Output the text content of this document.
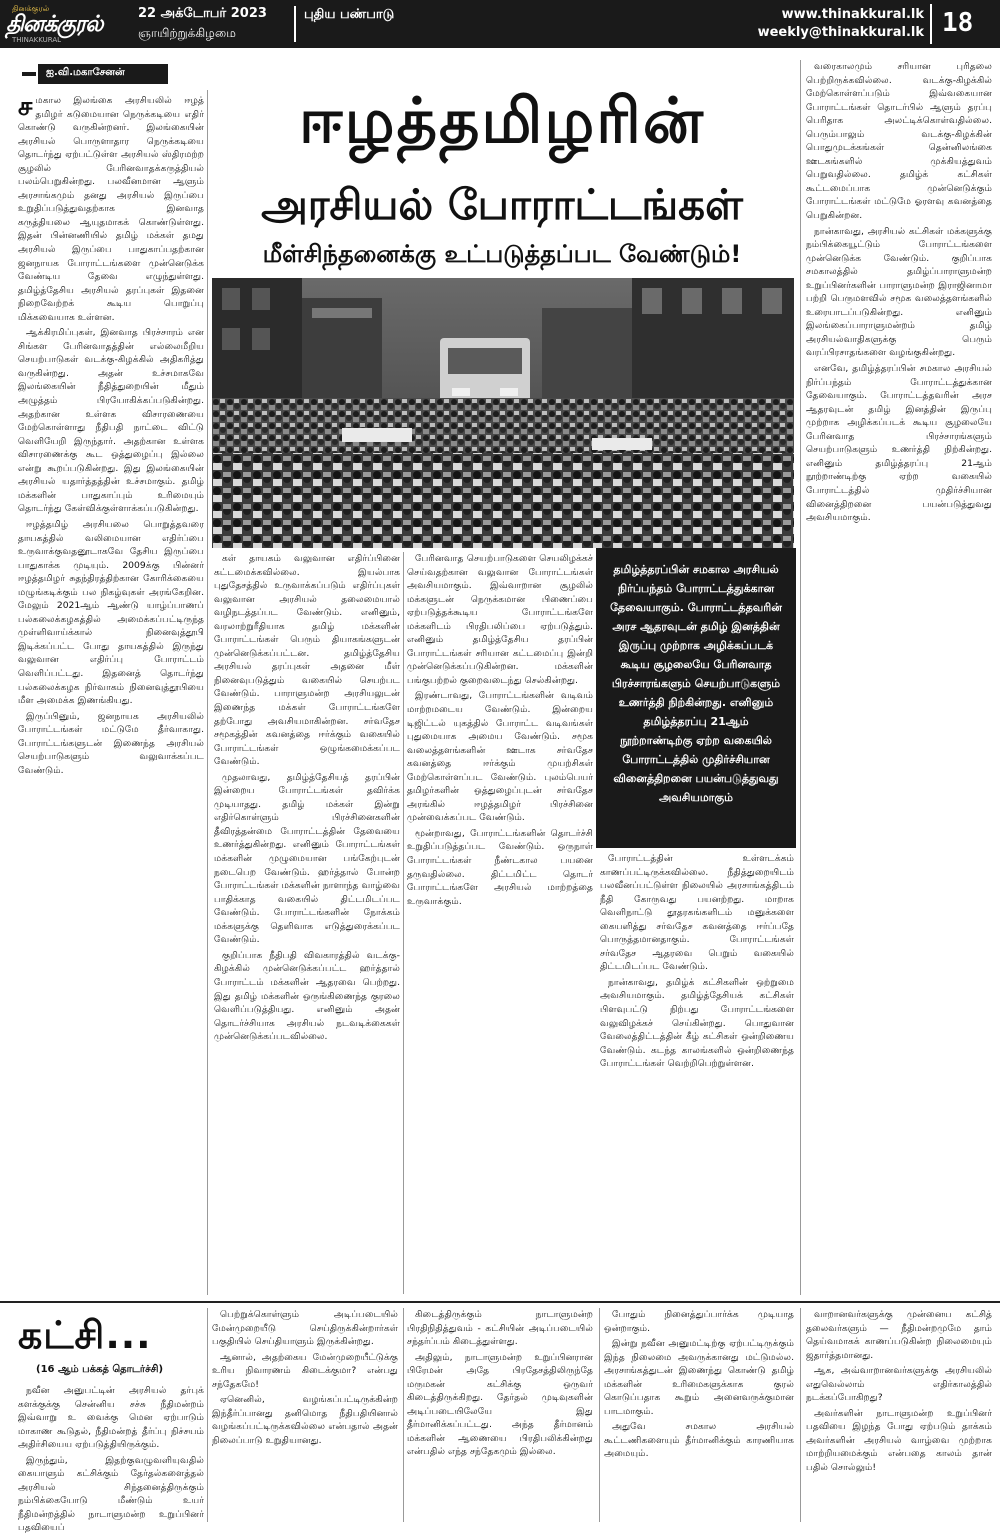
தினக்குரல்
தினக்குரல்
THINAKKURAL
22 அக்டோபர் 2023
ஞாயிற்றுக்கிழமை
புதிய பண்பாடு	www.thinakkural.lk
weekly@thinakkural.lk 18
ஐ.வி.மகாசேனன்

சமகால இலங்கை அரசியலில் ஈழத் தமிழர் கடுமையான நெருக்கடியை எதிர் கொண்டு வருகின்றனர். இலங்கையின் அரசியல் பொருளாதார நெருக்கடியை தொடர்ந்து ஏற்பட்டுள்ள அரசியல் ஸ்திரமற்ற சூழலில் பேரினவாதக்கருத்தியல் பலம்பெறுகின்றது. பலவீனமான ஆளும் அரசாங்கமும் தனது அரசியல் இருப்பை உறுதிப்படுத்துவதற்காக இனவாத கருத்தியலை ஆயுதமாகக் கொண்டுள்ளது. இதன் பின்னணியில் தமிழ் மக்கள் தமது அரசியல் இருப்பை பாதுகாப்பதற்கான ஜனநாயக போராட்டங்களை முன்னெடுக்க வேண்டிய தேவை எழுந்துள்ளது. தமிழ்த்தேசிய அரசியல் தரப்புகள் இதனை நிறைவேற்றக் கூடிய பொறுப்பு மிக்கவையாக உள்ளன.

ஆக்கிரமிப்புகள், இனவாத பிரச்சாரம் என சிங்கள பேரினவாதத்தின் எல்லைமீறிய செயற்பாடுகள் வடக்கு-கிழக்கில் அதிகரித்து வருகின்றது. அதன் உச்சமாகவே இலங்கையின் நீதித்துறையின் மீதும் அழுத்தம் பிரயோகிக்கப்படுகின்றது. அதற்கான உள்ளக விசாரணையை மேற்கொள்ளாது நீதிபதி நாட்டை விட்டு வெளியேறி இருந்தார். அதற்கான உள்ளக விசாரணைக்கு கூட ஒத்துழைப்பு இல்லை என்று கூறப்படுகின்றது. இது இலங்கையின் அரசியல் யதார்த்தத்தின் உச்சமாகும். தமிழ் மக்களின் பாதுகாப்பும் உரிமையும் தொடர்ந்து கேள்விக்குள்ளாக்கப்படுகின்றது.

ஈழத்தமிழ் அரசியலை பொறுத்தவரை தாயகத்தில் வலிமையான எதிர்ப்பை உருவாக்குவதனூடாகவே தேசிய இருப்பை பாதுகாக்க முடியும். 2009க்கு பின்னர் ஈழத்தமிழர் சுதந்திரத்திற்கான கோரிக்கையை மழுங்கடிக்கும் பல நிகழ்வுகள் அரங்கேறின. மேலும் 2021ஆம் ஆண்டு யாழ்ப்பாணப் பல்கலைக்கழகத்தில் அமைக்கப்பட்டிருந்த முள்ளிவாய்க்கால் நினைவுத்தூபி இடிக்கப்பட்ட போது தாயகத்தில் இருந்து வலுவான எதிர்ப்பு போராட்டம் வெளிப்பட்டது. இதனைத் தொடர்ந்து பல்கலைக்கழக நிர்வாகம் நினைவுத்தூபியை மீள அமைக்க இணங்கியது.

இருப்பினும், ஜனநாயக அரசியலில் போராட்டங்கள் மட்டுமே தீர்வாகாது. போராட்டங்களுடன் இணைந்த அரசியல் செயற்பாடுகளும் வலுவாக்கப்பட வேண்டும்.

ஈழத்தமிழரின்
அரசியல் போராட்டங்கள்
மீள்சிந்தனைக்கு உட்படுத்தப்பட வேண்டும்!

கள் தாயகம் வலுவான எதிர்ப்பினை கட்டமைக்கவில்லை. இயல்பாக புதுதேசத்தில் உருவாக்கப்படும் எதிர்ப்புகள் வலுவான அரசியல் தலைமையால் வழிநடத்தப்பட வேண்டும். எனினும், வரலாற்றுரீதியாக தமிழ் மக்களின் போராட்டங்கள் பெரும் தியாகங்களுடன் முன்னெடுக்கப்பட்டன. தமிழ்த்தேசிய அரசியல் தரப்புகள் அதனை மீள் நினைவுபடுத்தும் வகையில் செயற்பட வேண்டும். பாராளுமன்ற அரசியலுடன் இணைந்த மக்கள் போராட்டங்களே தற்போது அவசியமாகின்றன. சர்வதேச சமூகத்தின் கவனத்தை ஈர்க்கும் வகையில் போராட்டங்கள் ஒழுங்கமைக்கப்பட வேண்டும்.

முதலாவது, தமிழ்த்தேசியத் தரப்பின் இன்றைய போராட்டங்கள் தவிர்க்க முடியாதது. தமிழ் மக்கள் இன்று எதிர்கொள்ளும் பிரச்சினைகளின் தீவிரத்தன்மை போராட்டத்தின் தேவையை உணர்த்துகின்றது. எனினும் போராட்டங்கள் மக்களின் முழுமையான பங்கேற்புடன் நடைபெற வேண்டும். ஹர்த்தால் போன்ற போராட்டங்கள் மக்களின் நாளாந்த வாழ்வை பாதிக்காத வகையில் திட்டமிடப்பட வேண்டும். போராட்டங்களின் நோக்கம் மக்களுக்கு தெளிவாக எடுத்துரைக்கப்பட வேண்டும்.

குறிப்பாக நீதிபதி விவகாரத்தில் வடக்கு-கிழக்கில் முன்னெடுக்கப்பட்ட ஹர்த்தால் போராட்டம் மக்களின் ஆதரவை பெற்றது. இது தமிழ் மக்களின் ஒருங்கிணைந்த குரலை வெளிப்படுத்தியது. எனினும் அதன் தொடர்ச்சியாக அரசியல் நடவடிக்கைகள் முன்னெடுக்கப்படவில்லை.

பேரினவாத செயற்பாடுகளை செயலிழக்கச் செய்வதற்கான வலுவான போராட்டங்கள் அவசியமாகும். இவ்வாறான சூழலில் மக்களுடன் நெருக்கமான பிணைப்பை ஏற்படுத்தக்கூடிய போராட்டங்களே மக்களிடம் பிரதிபலிப்பை ஏற்படுத்தும். எனினும் தமிழ்த்தேசிய தரப்பின் போராட்டங்கள் சரியான கட்டமைப்பு இன்றி முன்னெடுக்கப்படுகின்றன. மக்களின் பங்குபற்றல் குறைவடைந்து செல்கின்றது.

இரண்டாவது, போராட்டங்களின் வடிவம் மாற்றமடைய வேண்டும். இன்றைய டிஜிட்டல் யுகத்தில் போராட்ட வடிவங்கள் புதுமையாக அமைய வேண்டும். சமூக வலைத்தளங்களின் ஊடாக சர்வதேச கவனத்தை ஈர்க்கும் முயற்சிகள் மேற்கொள்ளப்பட வேண்டும். புலம்பெயர் தமிழர்களின் ஒத்துழைப்புடன் சர்வதேச அரங்கில் ஈழத்தமிழர் பிரச்சினை முன்வைக்கப்பட வேண்டும்.

மூன்றாவது, போராட்டங்களின் தொடர்ச்சி உறுதிப்படுத்தப்பட வேண்டும். ஒருநாள் போராட்டங்கள் நீண்டகால பயனை தருவதில்லை. திட்டமிட்ட தொடர் போராட்டங்களே அரசியல் மாற்றத்தை உருவாக்கும்.

தமிழ்த்தரப்பின் சமகால அரசியல் நிர்ப்பந்தம் போராட்டத்துக்கான தேவையாகும். போராட்டத்தவரின் அரச ஆதரவுடன் தமிழ் இனத்தின் இருப்பு முற்றாக அழிக்கப்படக் கூடிய சூழலையே பேரினவாத பிரச்சாரங்களும் செயற்பாடுகளும் உணர்த்தி நிற்கின்றது. எனினும் தமிழ்த்தரப்பு 21ஆம் நூற்றாண்டிற்கு ஏற்ற வகையில் போராட்டத்தில் முதிர்ச்சியான வினைத்திறனை பயன்படுத்துவது அவசியமாகும்

போராட்டத்தின் உள்ளடக்கம் காணப்பட்டிருக்கவில்லை. நீதித்துறையிடம் பலவீனப்பட்டுள்ள நிலையில் அரசாங்கத்திடம் நீதி கோருவது பயனற்றது. மாறாக வெளிநாட்டு தூதரகங்களிடம் மனுக்களை கையளித்து சர்வதேச கவனத்தை ஈர்ப்பதே பொருத்தமானதாகும். போராட்டங்கள் சர்வதேச ஆதரவை பெறும் வகையில் திட்டமிடப்பட வேண்டும்.

நான்காவது, தமிழ்க் கட்சிகளின் ஒற்றுமை அவசியமாகும். தமிழ்த்தேசியக் கட்சிகள் பிளவுபட்டு நிற்பது போராட்டங்களை வலுவிழக்கச் செய்கின்றது. பொதுவான வேலைத்திட்டத்தின் கீழ் கட்சிகள் ஒன்றிணைய வேண்டும். கடந்த காலங்களில் ஒன்றிணைந்த போராட்டங்கள் வெற்றிபெற்றுள்ளன.

வரைகாலமும் சரியான புரிதலை பெற்றிருக்கவில்லை. வடக்கு-கிழக்கில் மேற்கொள்ளப்படும் இவ்வகையான போராட்டங்கள் தொடர்பில் ஆளும் தரப்பு பெரிதாக அலட்டிக்கொள்வதில்லை. பெரும்பாலும் வடக்கு-கிழக்கின் பொதுமுடக்கங்கள் தென்னிலங்கை ஊடகங்களில் முக்கியத்துவம் பெறுவதில்லை. தமிழ்க் கட்சிகள் கூட்டமைப்பாக முன்னெடுக்கும் போராட்டங்கள் மட்டுமே ஓரளவு கவனத்தை பெறுகின்றன.

நான்காவது, அரசியல் கட்சிகள் மக்களுக்கு நம்பிக்கையூட்டும் போராட்டங்களை முன்னெடுக்க வேண்டும். குறிப்பாக சமகாலத்தில் தமிழ்ப்பாராளுமன்ற உறுப்பினர்களின் பாராளுமன்ற இராஜினாமா பற்றி பெருமளவில் சமூக வலைத்தளங்களில் உரையாடப்படுகின்றது. எனினும் இலங்கைப்பாராளுமன்றம் தமிழ் அரசியல்வாதிகளுக்கு பெரும் வரப்பிரசாதங்களை வழங்குகின்றது.

எனவே, தமிழ்த்தரப்பின் சமகால அரசியல் நிர்ப்பந்தம் போராட்டத்துக்கான தேவையாகும். போராட்டத்தவரின் அரச ஆதரவுடன் தமிழ் இனத்தின் இருப்பு முற்றாக அழிக்கப்படக் கூடிய சூழலையே பேரினவாத பிரச்சாரங்களும் செயற்பாடுகளும் உணர்த்தி நிற்கின்றது. எனினும் தமிழ்த்தரப்பு 21ஆம் நூற்றாண்டிற்கு ஏற்ற வகையில் போராட்டத்தில் முதிர்ச்சியான வினைத்திறனை பயன்படுத்துவது அவசியமாகும்.

கட்சி...
(16 ஆம் பக்கத் தொடர்ச்சி)

நவீன அனுபட்டின் அரசியல் தர்புக் களக்குக்கு சென்னிய சச்சு நீதிமன்றம் இவ்வாறு உ வைக்கு மென ஏற்பாடும் மாகாண கூடுதல், நீதிமன்றத் தீர்ப்பு நிச்சயம் அதிர்சியைய ஏற்படுத்தியிருக்கும்.

இருந்தும், இதற்குவழுவளியுவதில் கையாளும் கட்சிக்கும் தேர்தல்களைத்தல் அரசியல் சிந்தனைத்திருக்கும் நம்பிக்கையோடு மீண்டும் உயர் நீதிமன்றத்தில் நாடாளுமன்ற உறுப்பினர் பதவியைப்

பெற்றுக்கொள்ளும் அடிப்படையில் மேன்முறையீடு செய்திருக்கின்றார்கள் பகுதியில் செய்தியாளும் இருக்கின்றது.

ஆனால், அதற்கைய மேன்முறையீட்டுக்கு உரிய நிவாரணம் கிடைக்குமா? என்பது சந்தேகமே!

ஏனெனில், வழங்கப்பட்டிருக்கின்ற இந்தீர்ப்பானது தனிமொத நீதிபதியினால் வழங்கப்பட்டிருக்கவில்லை என்பதால் அதன் நிலைப்பாடு உறுதியானது.

கிடைத்திருக்கும் நாடாளுமன்ற பிரதிநிதித்துவம் - கட்சியின் அடிப்படையில் சந்தர்ப்பம் கிடைத்துள்ளது.

அதிலும், நாடாளுமன்ற உறுப்பினரான பிரேமன் அதே பிரதேசத்திலிருந்தே மருமகன் கட்சிக்கு ஒருவர் கிடைத்திருக்கிறது. தேர்தல் முடிவுகளின் அடிப்படையிலேயே இது தீர்மானிக்கப்பட்டது. அந்த தீர்மானம் மக்களின் ஆணையை பிரதிபலிக்கின்றது என்பதில் எந்த சந்தேகமும் இல்லை.

போதும் நினைத்துப்பார்க்க முடியாத ஒன்றாகும்.

இன்று நவீன அனுமட்டிற்கு ஏற்பட்டிருக்கும் இந்த நிலைமை அவருக்கானது மட்டுமல்ல. அரசாங்கத்துடன் இணைந்து கொண்டு தமிழ் மக்களின் உரிமைகளுக்காக குரல் கொடுப்பதாக கூறும் அனைவருக்குமான பாடமாகும்.

அதுவே சமகால அரசியல் கூட்டணிகளையும் தீர்மானிக்கும் காரணியாக அமையும்.

வாறானவர்களுக்கு முன்னைய கட்சித் தலைவர்களும் — நீதிமன்றமுமே தாம் தெய்வமாகக் காணப்படுகின்ற நிலைமையும் ஜதார்த்தமானது.

ஆக, அவ்வாறானவர்களுக்கு அரசியலில் எதுவெல்லாம் எதிர்காலத்தில் நடக்கப்போகிறது?

அவர்களின் நாடாளுமன்ற உறுப்பினர் பதவியை இழந்த போது ஏற்படும் தாக்கம் அவர்களின் அரசியல் வாழ்வை முற்றாக மாற்றியமைக்கும் என்பதை காலம் தான் பதில் சொல்லும்!
